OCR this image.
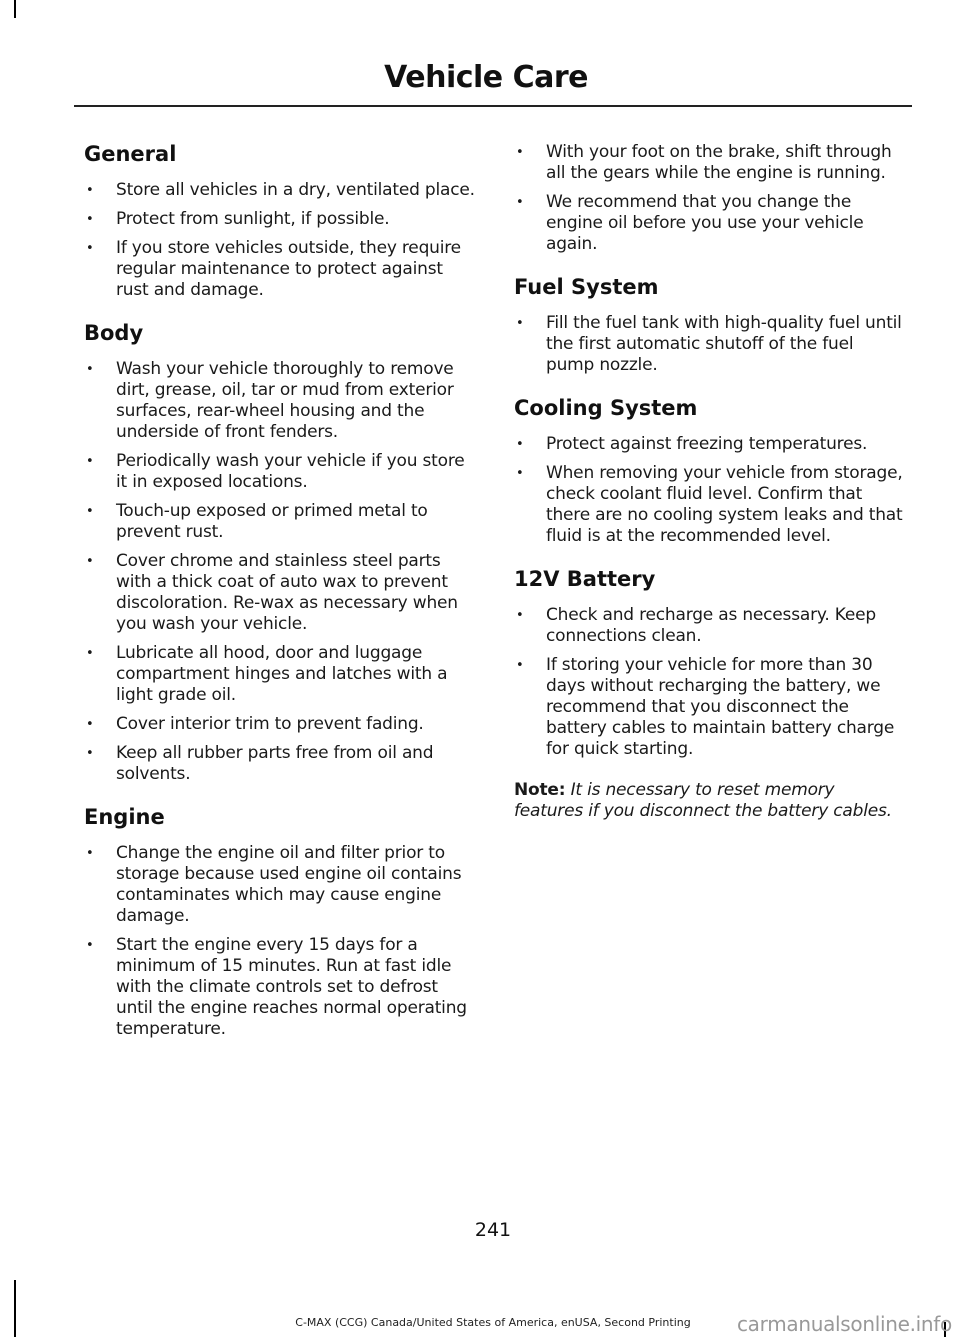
Vehicle Care
General
• Store all vehicles in a dry, ventilated place.
• Protect from sunlight, if possible.
• If you store vehicles outside, they require regular maintenance to protect against rust and damage.
Body
• Wash your vehicle thoroughly to remove dirt, grease, oil, tar or mud from exterior surfaces, rear-wheel housing and the underside of front fenders.
• Periodically wash your vehicle if you store it in exposed locations.
• Touch-up exposed or primed metal to prevent rust.
• Cover chrome and stainless steel parts with a thick coat of auto wax to prevent discoloration. Re-wax as necessary when you wash your vehicle.
• Lubricate all hood, door and luggage compartment hinges and latches with a light grade oil.
• Cover interior trim to prevent fading.
• Keep all rubber parts free from oil and solvents.
Engine
• Change the engine oil and filter prior to storage because used engine oil contains contaminates which may cause engine damage.
• Start the engine every 15 days for a minimum of 15 minutes. Run at fast idle with the climate controls set to defrost until the engine reaches normal operating temperature.
• With your foot on the brake, shift through all the gears while the engine is running.
• We recommend that you change the engine oil before you use your vehicle again.
Fuel System
• Fill the fuel tank with high-quality fuel until the first automatic shutoff of the fuel pump nozzle.
Cooling System
• Protect against freezing temperatures.
• When removing your vehicle from storage, check coolant fluid level. Confirm that there are no cooling system leaks and that fluid is at the recommended level.
12V Battery
• Check and recharge as necessary. Keep connections clean.
• If storing your vehicle for more than 30 days without recharging the battery, we recommend that you disconnect the battery cables to maintain battery charge for quick starting.
Note: It is necessary to reset memory features if you disconnect the battery cables.
241
C-MAX (CCG) Canada/United States of America, enUSA, Second Printing	carmanualsonline.info
